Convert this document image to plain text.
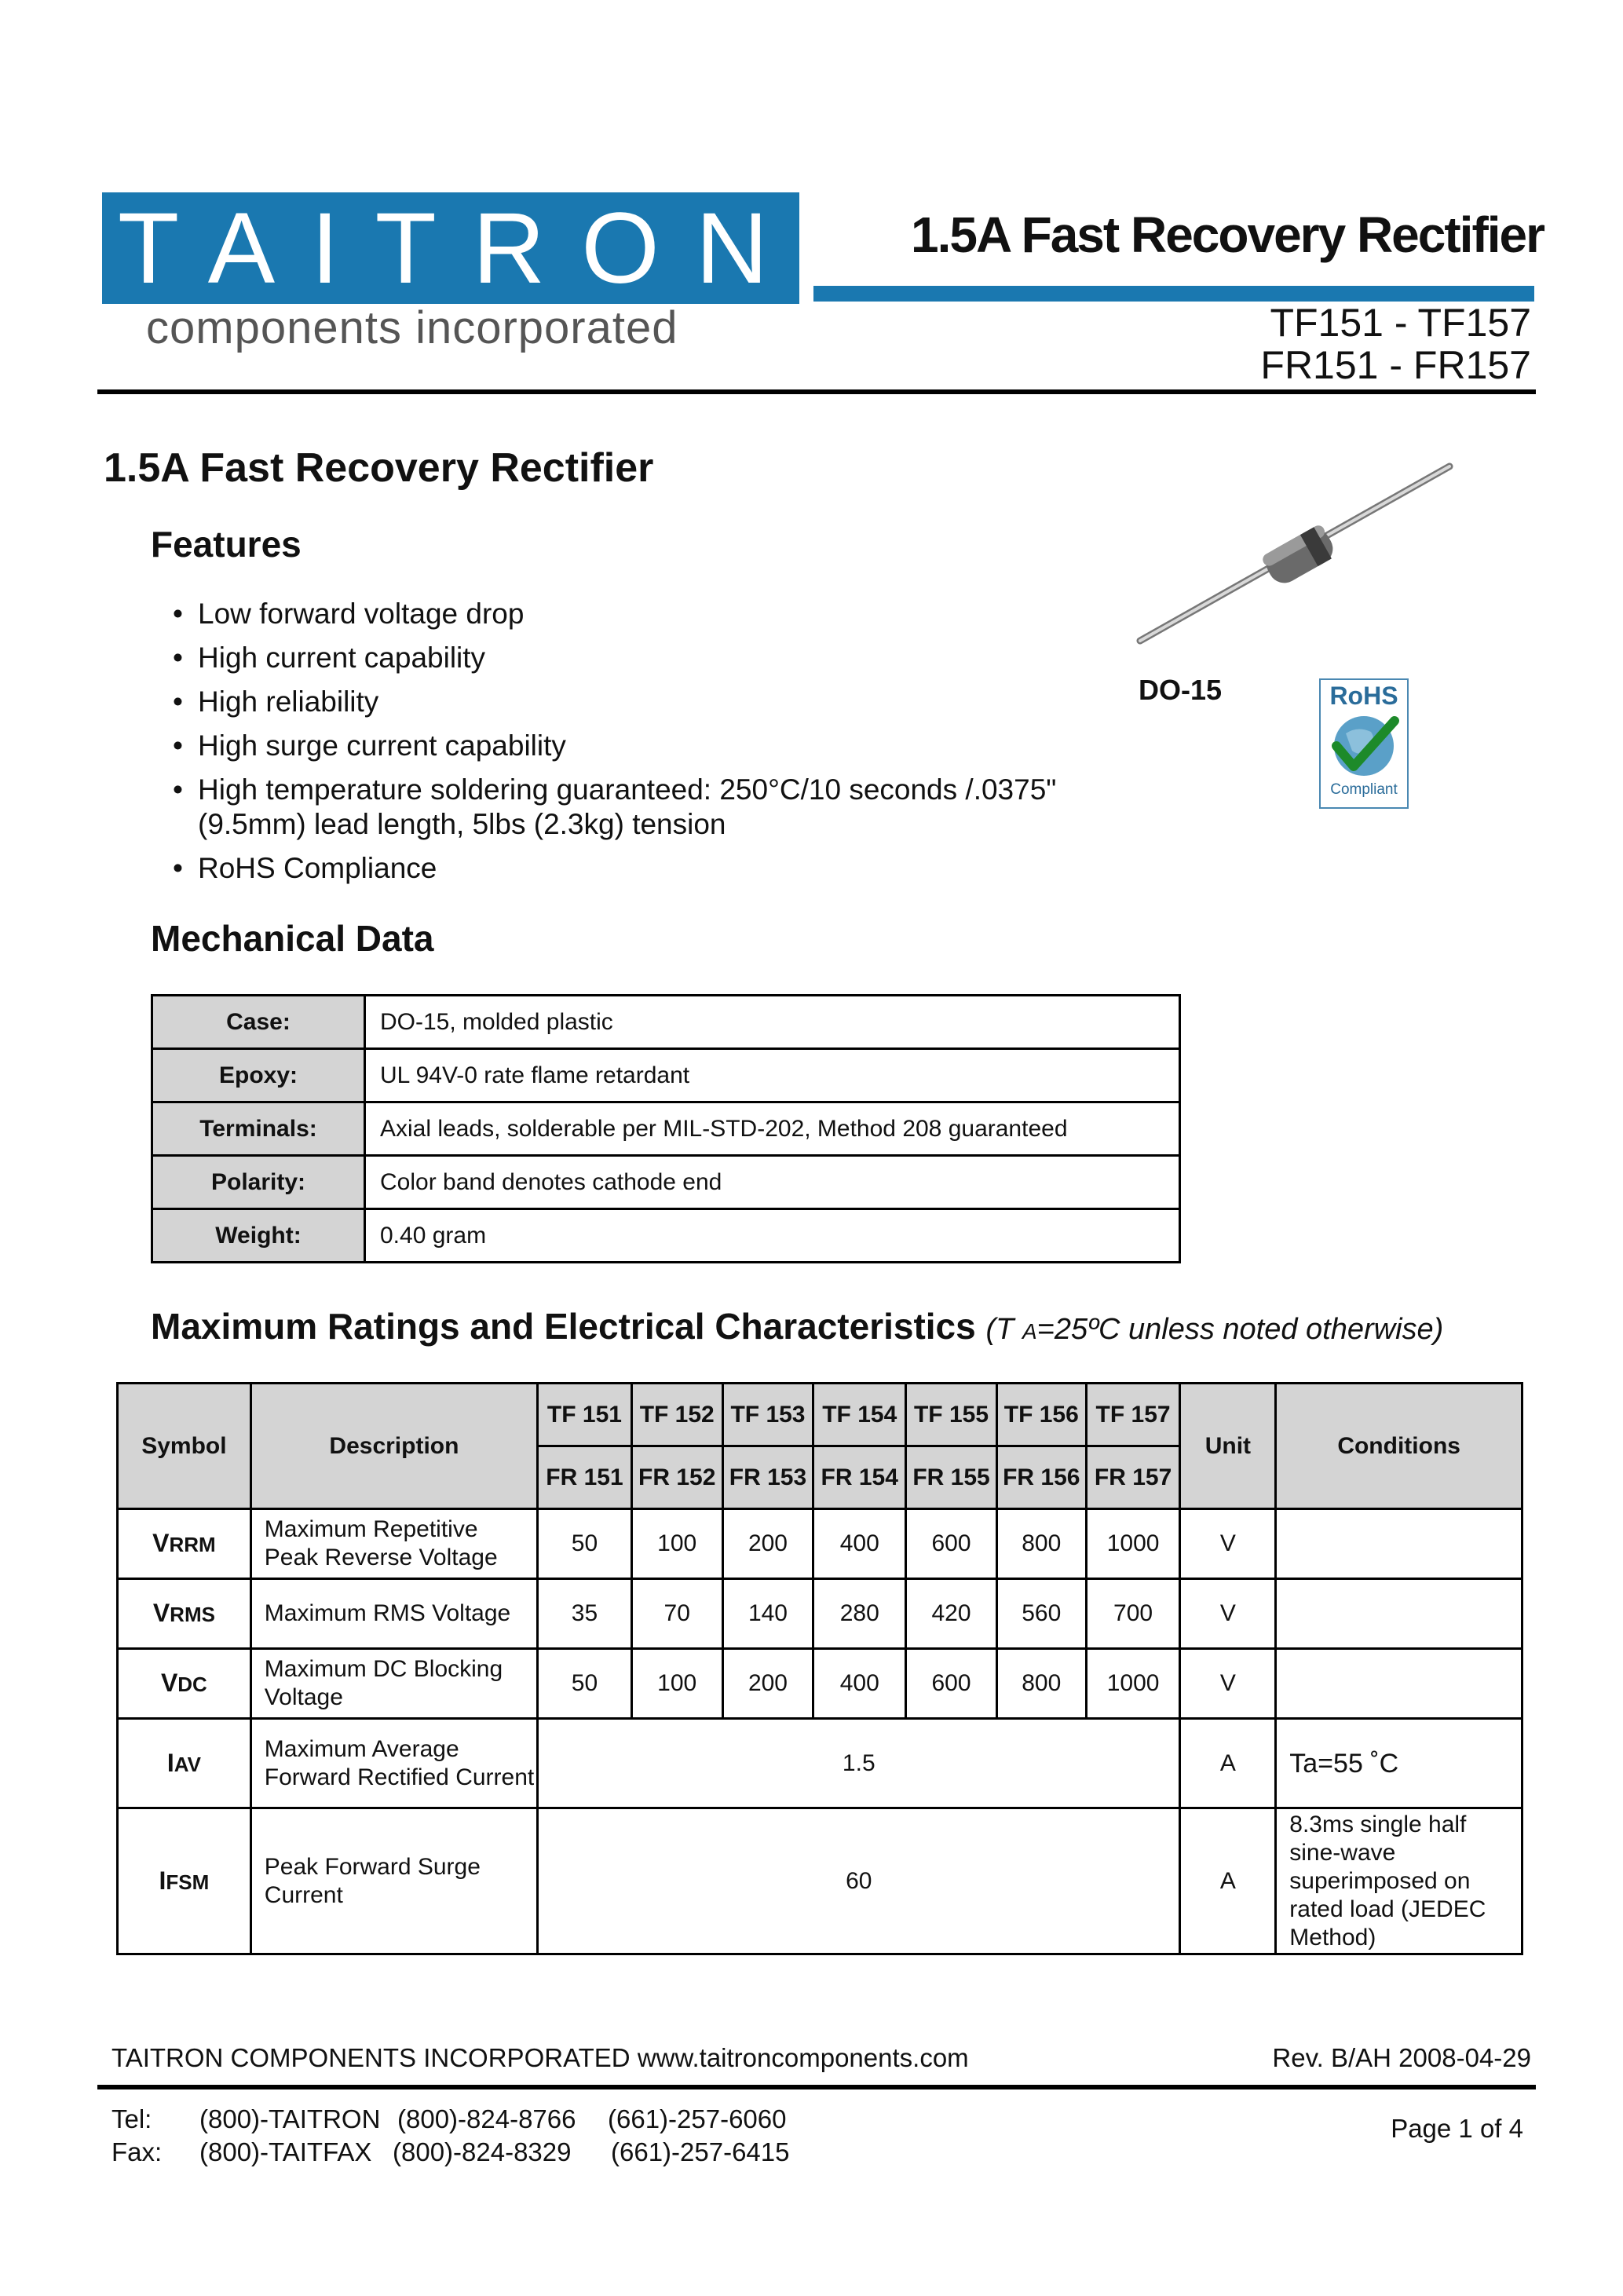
TAITRON
components incorporated
1.5A Fast Recovery Rectifier
TF151 - TF157
FR151 - FR157
1.5A Fast Recovery Rectifier
Features
• Low forward voltage drop
• High current capability
• High reliability
• High surge current capability
• High temperature soldering guaranteed: 250°C/10 seconds /.0375" (9.5mm) lead length, 5lbs (2.3kg) tension
• RoHS Compliance
DO-15	RoHS
Compliant
Mechanical Data
Case:	DO-15, molded plastic
Epoxy:	UL 94V-0 rate flame retardant
Terminals:	Axial leads, solderable per MIL-STD-202, Method 208 guaranteed
Polarity:	Color band denotes cathode end
Weight:	0.40 gram
Maximum Ratings and Electrical Characteristics (T A=25ºC unless noted otherwise)
Symbol	Description	TF 151	TF 152	TF 153	TF 154	TF 155	TF 156	TF 157	Unit	Conditions
		FR 151	FR 152	FR 153	FR 154	FR 155	FR 156	FR 157		
VRRM	Maximum Repetitive Peak Reverse Voltage	50	100	200	400	600	800	1000	V	
VRMS	Maximum RMS Voltage	35	70	140	280	420	560	700	V	
VDC	Maximum DC Blocking Voltage	50	100	200	400	600	800	1000	V	
IAV	Maximum Average Forward Rectified Current	1.5							A	Ta=55 ˚C
IFSM	Peak Forward Surge Current	60							A	8.3ms single half sine-wave superimposed on rated load (JEDEC Method)
TAITRON COMPONENTS INCORPORATED www.taitroncomponents.com	Rev. B/AH 2008-04-29
Tel: (800)-TAITRON (800)-824-8766 (661)-257-6060
Fax: (800)-TAITFAX (800)-824-8329 (661)-257-6415
Page 1 of 4
